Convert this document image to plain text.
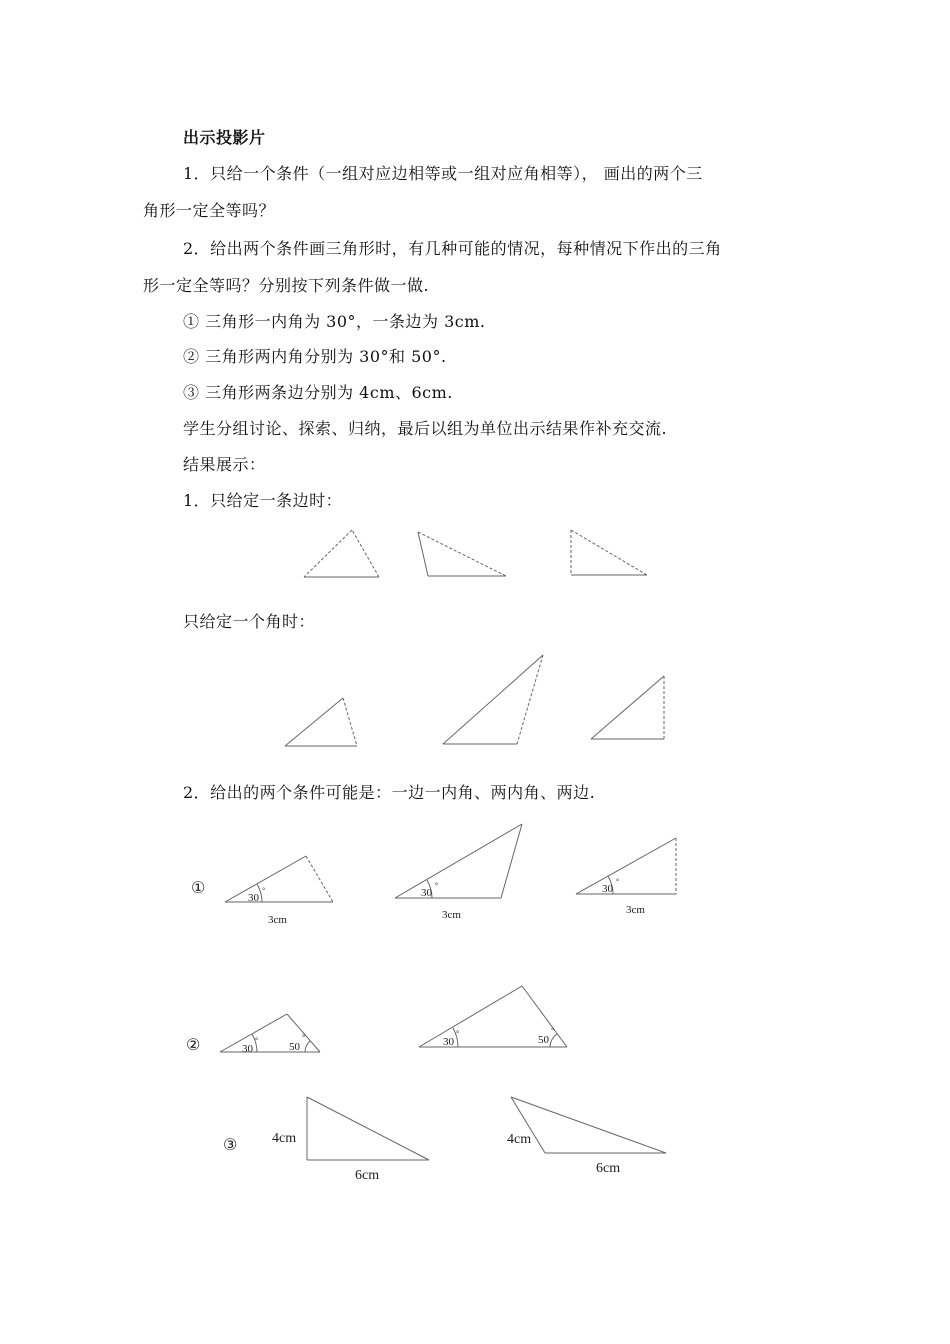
出示投影片
1．只给一个条件（一组对应边相等或一组对应角相等）， 画出的两个三
角形一定全等吗？
2．给出两个条件画三角形时，有几种可能的情况，每种情况下作出的三角
形一定全等吗？分别按下列条件做一做.
① 三角形一内角为 30°，一条边为 3cm.
② 三角形两内角分别为 30°和 50°.
③ 三角形两条边分别为 4cm、6cm.
学生分组讨论、探索、归纳，最后以组为单位出示结果作补充交流.
结果展示：
1．只给定一条边时：
只给定一个角时：
2．给出的两个条件可能是：一边一内角、两内角、两边.
①
②
③
30
°
3cm
30
°
3cm
30
°
3cm
30
°
50
°	30
°
50
°
4cm
6cm
4cm
6cm
